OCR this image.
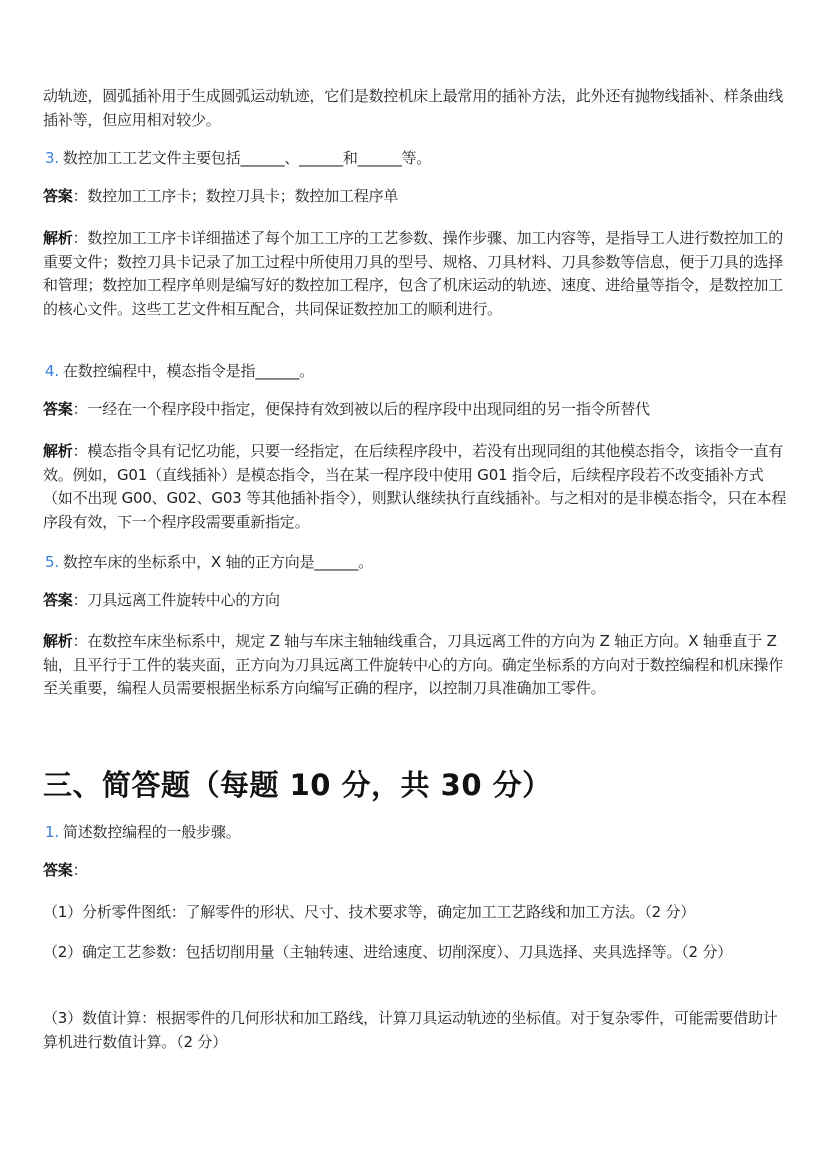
动轨迹，圆弧插补用于生成圆弧运动轨迹，它们是数控机床上最常用的插补方法，此外还有抛物线插补、样条曲线插补等，但应用相对较少。

3. 数控加工工艺文件主要包括______、______和______等。

答案：数控加工工序卡；数控刀具卡；数控加工程序单

解析：数控加工工序卡详细描述了每个加工工序的工艺参数、操作步骤、加工内容等，是指导工人进行数控加工的重要文件；数控刀具卡记录了加工过程中所使用刀具的型号、规格、刀具材料、刀具参数等信息，便于刀具的选择和管理；数控加工程序单则是编写好的数控加工程序，包含了机床运动的轨迹、速度、进给量等指令，是数控加工的核心文件。这些工艺文件相互配合，共同保证数控加工的顺利进行。

4. 在数控编程中，模态指令是指______。

答案：一经在一个程序段中指定，便保持有效到被以后的程序段中出现同组的另一指令所替代

解析：模态指令具有记忆功能，只要一经指定，在后续程序段中，若没有出现同组的其他模态指令，该指令一直有效。例如，G01（直线插补）是模态指令，当在某一程序段中使用 G01 指令后，后续程序段若不改变插补方式（如不出现 G00、G02、G03 等其他插补指令），则默认继续执行直线插补。与之相对的是非模态指令，只在本程序段有效，下一个程序段需要重新指定。

5. 数控车床的坐标系中，X 轴的正方向是______。

答案：刀具远离工件旋转中心的方向

解析：在数控车床坐标系中，规定 Z 轴与车床主轴轴线重合，刀具远离工件的方向为 Z 轴正方向。X 轴垂直于 Z 轴，且平行于工件的装夹面，正方向为刀具远离工件旋转中心的方向。确定坐标系的方向对于数控编程和机床操作至关重要，编程人员需要根据坐标系方向编写正确的程序，以控制刀具准确加工零件。

三、简答题（每题 10 分，共 30 分）

1. 简述数控编程的一般步骤。

答案：

（1）分析零件图纸：了解零件的形状、尺寸、技术要求等，确定加工工艺路线和加工方法。（2 分）

（2）确定工艺参数：包括切削用量（主轴转速、进给速度、切削深度）、刀具选择、夹具选择等。（2 分）

（3）数值计算：根据零件的几何形状和加工路线，计算刀具运动轨迹的坐标值。对于复杂零件，可能需要借助计算机进行数值计算。（2 分）
